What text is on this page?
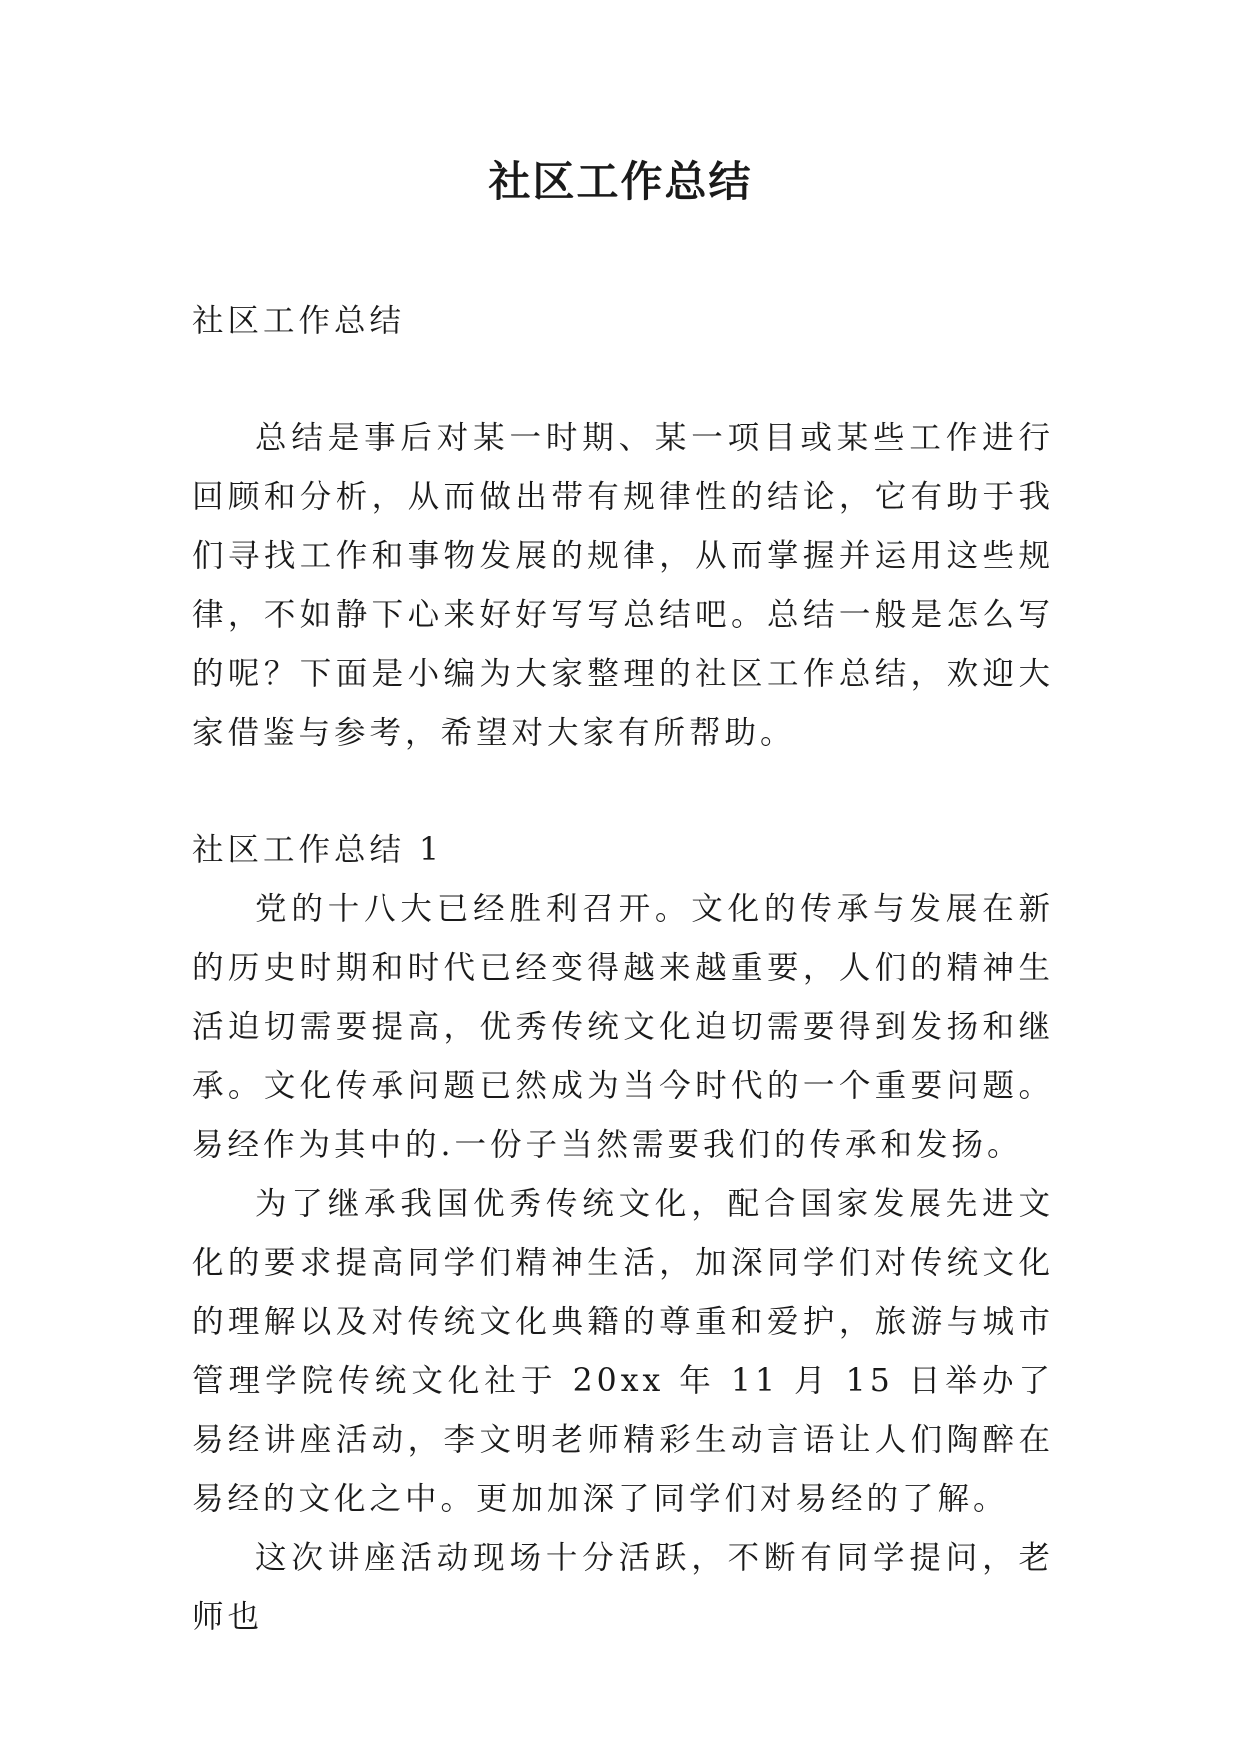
社区工作总结

社区工作总结

总结是事后对某一时期、某一项目或某些工作进行回顾和分析，从而做出带有规律性的结论，它有助于我们寻找工作和事物发展的规律，从而掌握并运用这些规律，不如静下心来好好写写总结吧。总结一般是怎么写的呢？下面是小编为大家整理的社区工作总结，欢迎大家借鉴与参考，希望对大家有所帮助。

社区工作总结 1

党的十八大已经胜利召开。文化的传承与发展在新的历史时期和时代已经变得越来越重要，人们的精神生活迫切需要提高，优秀传统文化迫切需要得到发扬和继承。文化传承问题已然成为当今时代的一个重要问题。易经作为其中的.一份子当然需要我们的传承和发扬。

为了继承我国优秀传统文化，配合国家发展先进文化的要求提高同学们精神生活，加深同学们对传统文化的理解以及对传统文化典籍的尊重和爱护，旅游与城市管理学院传统文化社于 20xx 年 11 月 15 日举办了易经讲座活动，李文明老师精彩生动言语让人们陶醉在易经的文化之中。更加加深了同学们对易经的了解。

这次讲座活动现场十分活跃，不断有同学提问，老师也
